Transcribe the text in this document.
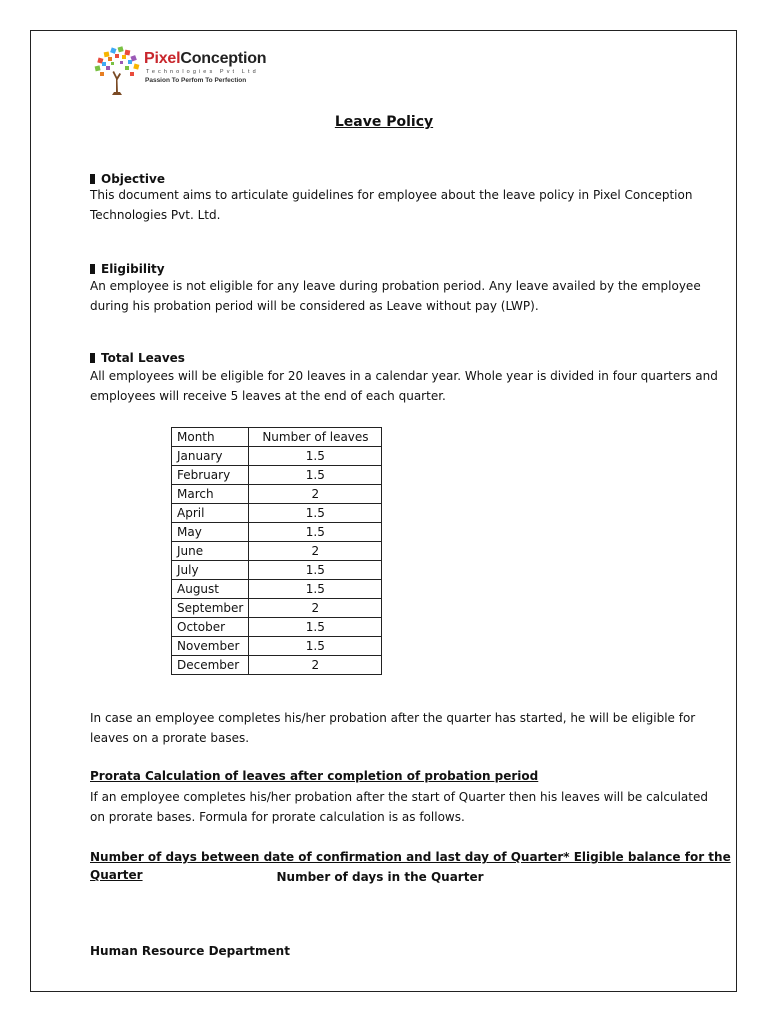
PixelConception
Technologies Pvt Ltd
Passion To Perfom To Perfection
Leave Policy
Objective

This document aims to articulate guidelines for employee about the leave policy in Pixel Conception

Technologies Pvt. Ltd.

Eligibility

An employee is not eligible for any leave during probation period. Any leave availed by the employee

during his probation period will be considered as Leave without pay (LWP).

Total Leaves

All employees will be eligible for 20 leaves in a calendar year. Whole year is divided in four quarters and

employees will receive 5 leaves at the end of each quarter.

Month	Number of leaves
January	1.5
February	1.5
March	2
April	1.5
May	1.5
June	2
July	1.5
August	1.5
September	2
October	1.5
November	1.5
December	2

In case an employee completes his/her probation after the quarter has started, he will be eligible for

leaves on a prorate bases.

Prorata Calculation of leaves after completion of probation period

If an employee completes his/her probation after the start of Quarter then his leaves will be calculated

on prorate bases. Formula for prorate calculation is as follows.

Number of days between date of confirmation and last day of Quarter* Eligible balance for the Quarter	Number of days in the Quarter

Human Resource Department
